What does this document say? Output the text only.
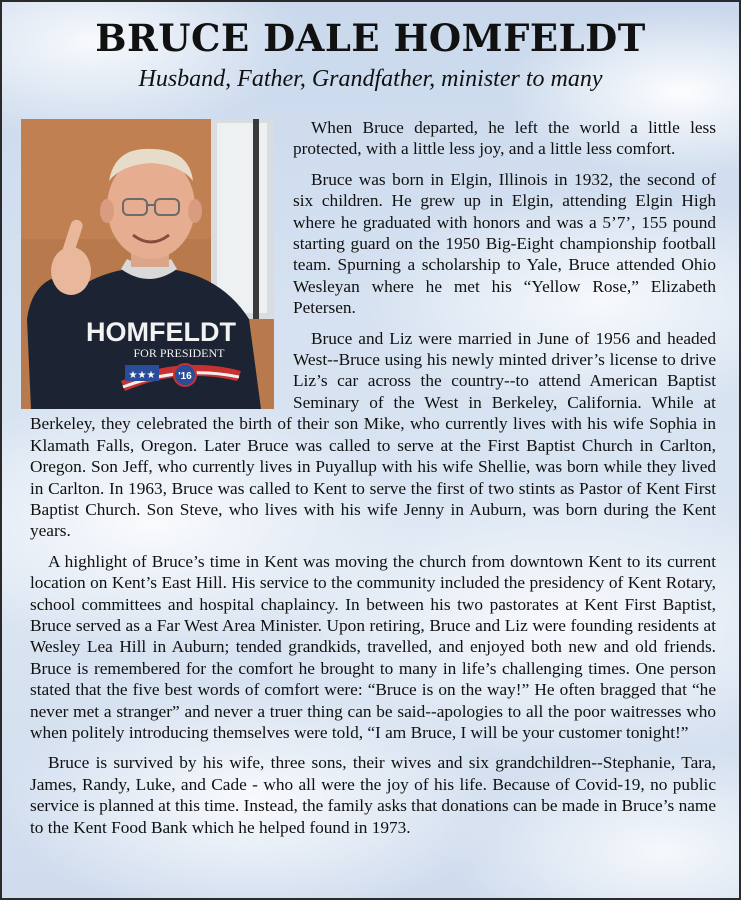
BRUCE DALE HOMFELDT
Husband, Father, Grandfather, minister to many
HOMFELDT
FOR PRESIDENT
★★★ '16

When Bruce departed, he left the world a little less protected, with a little less joy, and a little less comfort.

Bruce was born in Elgin, Illinois in 1932, the second of six children. He grew up in Elgin, attending Elgin High where he graduated with honors and was a 5’7’, 155 pound starting guard on the 1950 Big-Eight championship football team. Spurning a scholarship to Yale, Bruce attended Ohio Wesleyan where he met his “Yellow Rose,” Elizabeth Petersen.

Bruce and Liz were married in June of 1956 and headed West--Bruce using his newly minted driver’s license to drive Liz’s car across the country--to attend American Baptist Seminary of the West in Berkeley, California. While at Berkeley, they celebrated the birth of their son Mike, who currently lives with his wife Sophia in Klamath Falls, Oregon. Later Bruce was called to serve at the First Baptist Church in Carlton, Oregon. Son Jeff, who currently lives in Puyallup with his wife Shellie, was born while they lived in Carlton. In 1963, Bruce was called to Kent to serve the first of two stints as Pastor of Kent First Baptist Church. Son Steve, who lives with his wife Jenny in Auburn, was born during the Kent years.

A highlight of Bruce’s time in Kent was moving the church from downtown Kent to its current location on Kent’s East Hill. His service to the community included the presidency of Kent Rotary, school committees and hospital chaplaincy. In between his two pastorates at Kent First Baptist, Bruce served as a Far West Area Minister. Upon retiring, Bruce and Liz were founding residents at Wesley Lea Hill in Auburn; tended grandkids, travelled, and enjoyed both new and old friends. Bruce is remembered for the comfort he brought to many in life’s challenging times. One person stated that the five best words of comfort were: “Bruce is on the way!” He often bragged that “he never met a stranger” and never a truer thing can be said--apologies to all the poor waitresses who when politely introducing themselves were told, “I am Bruce, I will be your customer tonight!”

Bruce is survived by his wife, three sons, their wives and six grandchildren--Stephanie, Tara, James, Randy, Luke, and Cade - who all were the joy of his life. Because of Covid-19, no public service is planned at this time. Instead, the family asks that donations can be made in Bruce’s name to the Kent Food Bank which he helped found in 1973.
